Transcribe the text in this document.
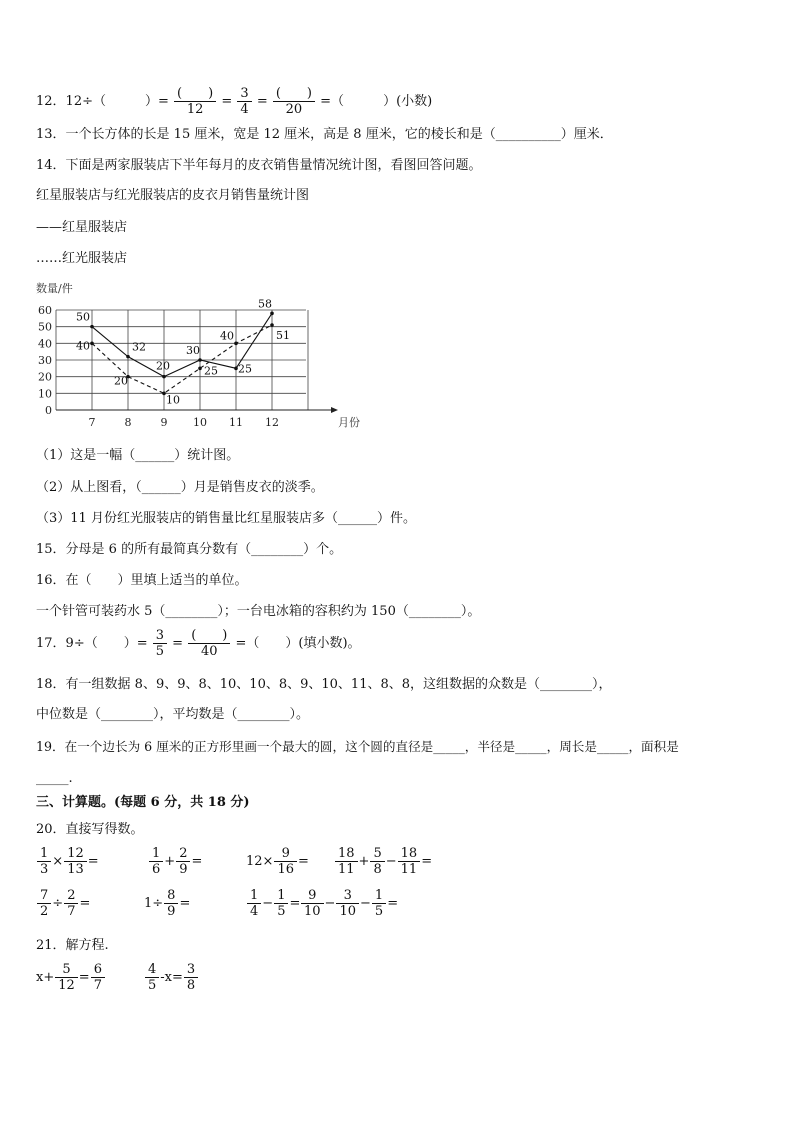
12．12÷（　　　	）= $\frac{( )}{12} = \frac{3}{4} = \frac{( )}{20}$ =（　　　	）(小数)
13．一个长方体的长是 15 厘米，宽是 12 厘米，高是 8 厘米，它的棱长和是（__________）厘米．
14．下面是两家服装店下半年每月的皮衣销售量情况统计图，看图回答问题。
红星服装店与红光服装店的皮衣月销售量统计图
——红星服装店
……红光服装店
数量/件
0
10
20
30
40
50
60
7	8	9 10 11 12	月份
50
32
20
30
25
58
40
20
10
25
40	51
（1）这是一幅（______）统计图。
（2）从上图看，（______）月是销售皮衣的淡季。
（3）11 月份红光服装店的销售量比红星服装店多（______）件。
15．分母是 6 的所有最简真分数有（________）个。
16．在（　　）里填上适当的单位。
一个针管可装药水 5（________）；一台电冰箱的容积约为 150（________）。
17．9÷（　　）= $\frac{3}{5} = \frac{( )}{40}$ =（　　）(填小数)。
18．有一组数据 8、9、9、8、10、10、8、9、10、11、8、8，这组数据的众数是（________），
中位数是（________），平均数是（________）。
19．在一个边长为 6 厘米的正方形里画一个最大的圆，这个圆的直径是_____，半径是_____，周长是_____，面积是
_____.
三、计算题。(每题 6 分，共 18 分)
20．直接写得数。
$\frac{1}{3} \times \frac{12}{13}$ =	$\frac{1}{6} + \frac{2}{9}$ =	$12\times \frac{9}{16} = \frac{18}{11} + \frac{5}{8} - \frac{18}{11}$ =
$\frac{7}{2} \div \frac{2}{7}$ =	$1\div \frac{8}{9}$ =	$\frac{1}{4} - \frac{1}{5} = \frac{9}{10} - \frac{3}{10} - \frac{1}{5}$ =
21．解方程.
$x+ \frac{5}{12} = \frac{6}{7}$	$\frac{4}{5} -x= \frac{3}{8}$
